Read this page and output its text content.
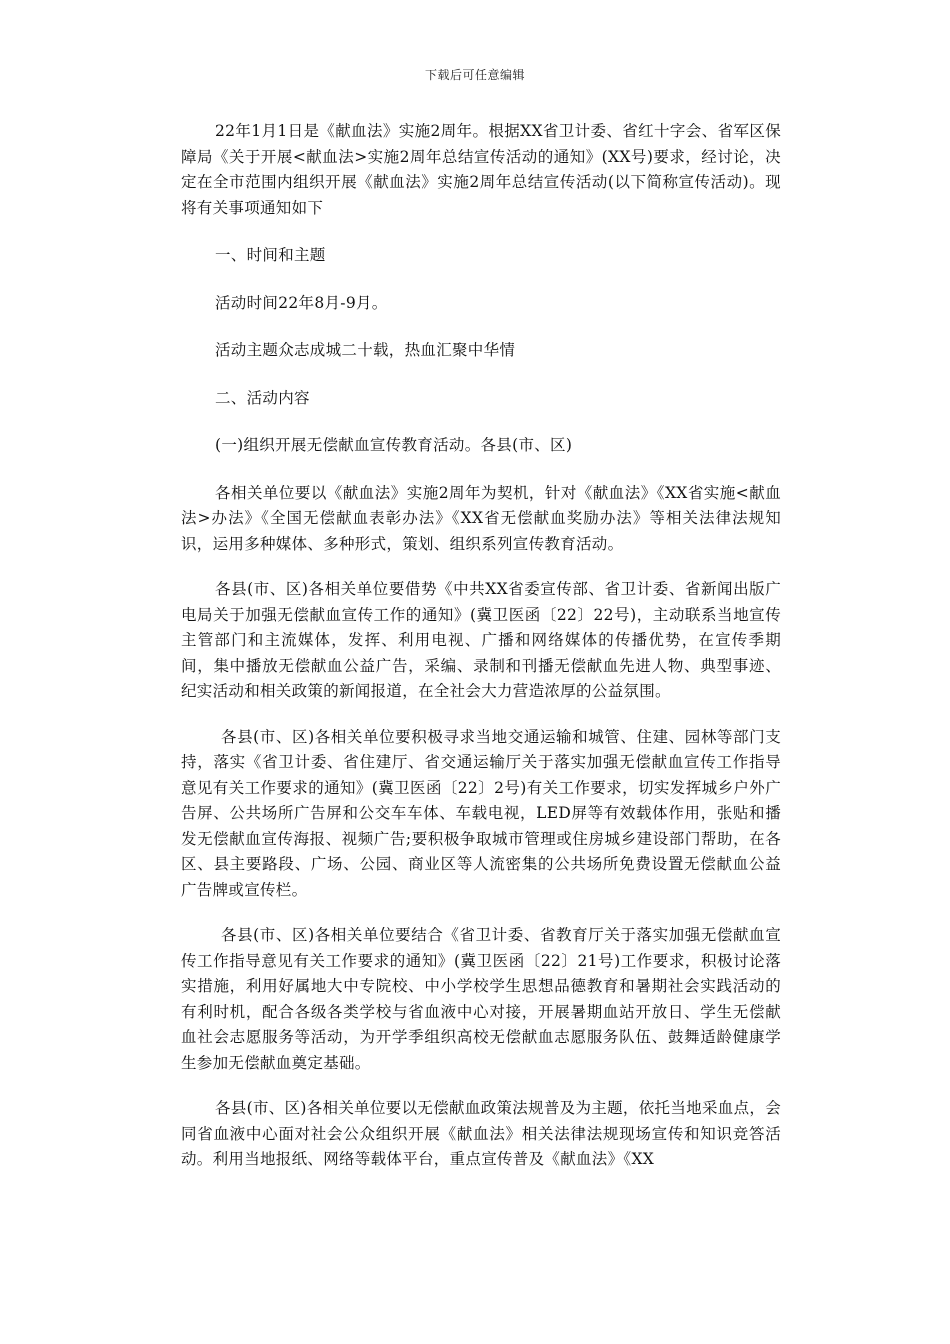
下载后可任意编辑

22年1月1日是《献血法》实施2周年。根据XX省卫计委、省红十字会、省军区保障局《关于开展<献血法>实施2周年总结宣传活动的通知》(XX号)要求，经讨论，决定在全市范围内组织开展《献血法》实施2周年总结宣传活动(以下简称宣传活动)。现将有关事项通知如下

一、时间和主题

活动时间22年8月-9月。

活动主题众志成城二十载，热血汇聚中华情

二、活动内容

(一)组织开展无偿献血宣传教育活动。各县(市、区)

各相关单位要以《献血法》实施2周年为契机，针对《献血法》《XX省实施<献血法>办法》《全国无偿献血表彰办法》《XX省无偿献血奖励办法》等相关法律法规知识，运用多种媒体、多种形式，策划、组织系列宣传教育活动。

各县(市、区)各相关单位要借势《中共XX省委宣传部、省卫计委、省新闻出版广电局关于加强无偿献血宣传工作的通知》(冀卫医函〔22〕22号)，主动联系当地宣传主管部门和主流媒体，发挥、利用电视、广播和网络媒体的传播优势，在宣传季期间，集中播放无偿献血公益广告，采编、录制和刊播无偿献血先进人物、典型事迹、纪实活动和相关政策的新闻报道，在全社会大力营造浓厚的公益氛围。

各县(市、区)各相关单位要积极寻求当地交通运输和城管、住建、园林等部门支持，落实《省卫计委、省住建厅、省交通运输厅关于落实加强无偿献血宣传工作指导意见有关工作要求的通知》(冀卫医函〔22〕2号)有关工作要求，切实发挥城乡户外广告屏、公共场所广告屏和公交车车体、车载电视，LED屏等有效载体作用，张贴和播发无偿献血宣传海报、视频广告;要积极争取城市管理或住房城乡建设部门帮助，在各区、县主要路段、广场、公园、商业区等人流密集的公共场所免费设置无偿献血公益广告牌或宣传栏。

各县(市、区)各相关单位要结合《省卫计委、省教育厅关于落实加强无偿献血宣传工作指导意见有关工作要求的通知》(冀卫医函〔22〕21号)工作要求，积极讨论落实措施，利用好属地大中专院校、中小学校学生思想品德教育和暑期社会实践活动的有利时机，配合各级各类学校与省血液中心对接，开展暑期血站开放日、学生无偿献血社会志愿服务等活动，为开学季组织高校无偿献血志愿服务队伍、鼓舞适龄健康学生参加无偿献血奠定基础。

各县(市、区)各相关单位要以无偿献血政策法规普及为主题，依托当地采血点，会同省血液中心面对社会公众组织开展《献血法》相关法律法规现场宣传和知识竞答活动。利用当地报纸、网络等载体平台，重点宣传普及《献血法》《XX
